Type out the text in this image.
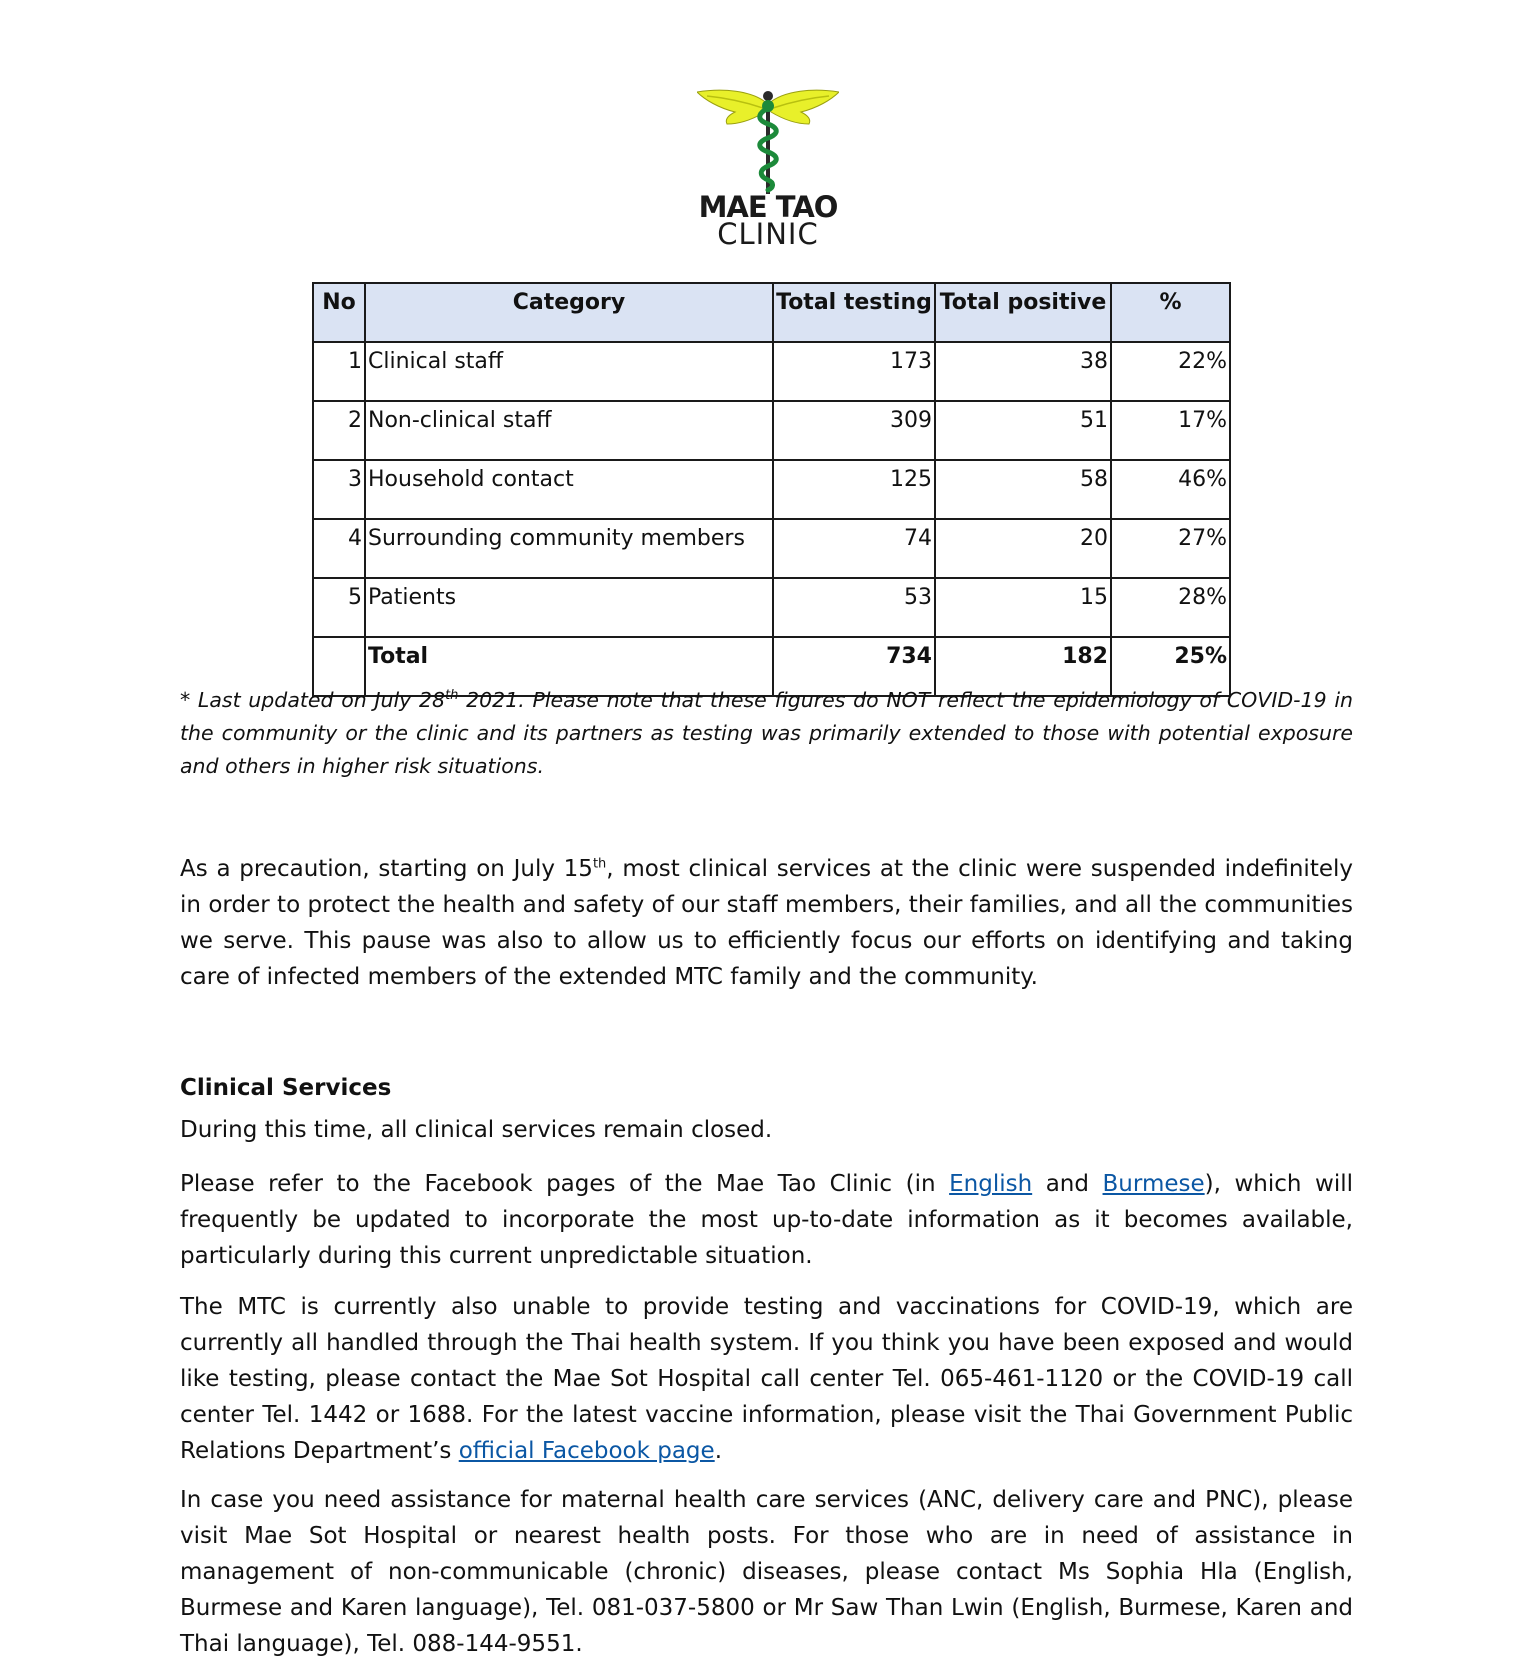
MAE TAO
CLINIC
No	Category	Total testing	Total positive	%
1	Clinical staff	173	38	22%
2	Non-clinical staff	309	51	17%
3	Household contact	125	58	46%
4	Surrounding community members	74	20	27%
5	Patients	53	15	28%
	Total	734	182	25%
* Last updated on July 28th 2021. Please note that these figures do NOT reflect the epidemiology of COVID-19 in the community or the clinic and its partners as testing was primarily extended to those with potential exposure and others in higher risk situations.

As a precaution, starting on July 15th, most clinical services at the clinic were suspended indefinitely in order to protect the health and safety of our staff members, their families, and all the communities we serve. This pause was also to allow us to efficiently focus our efforts on identifying and taking care of infected members of the extended MTC family and the community.

Clinical Services

During this time, all clinical services remain closed.

Please refer to the Facebook pages of the Mae Tao Clinic (in English and Burmese), which will frequently be updated to incorporate the most up-to-date information as it becomes available, particularly during this current unpredictable situation.

The MTC is currently also unable to provide testing and vaccinations for COVID-19, which are currently all handled through the Thai health system. If you think you have been exposed and would like testing, please contact the Mae Sot Hospital call center Tel. 065-461-1120 or the COVID-19 call center Tel. 1442 or 1688. For the latest vaccine information, please visit the Thai Government Public Relations Department’s official Facebook page.

In case you need assistance for maternal health care services (ANC, delivery care and PNC), please visit Mae Sot Hospital or nearest health posts. For those who are in need of assistance in management of non-communicable (chronic) diseases, please contact Ms Sophia Hla (English, Burmese and Karen language), Tel. 081-037-5800 or Mr Saw Than Lwin (English, Burmese, Karen and Thai language), Tel. 088-144-9551.
